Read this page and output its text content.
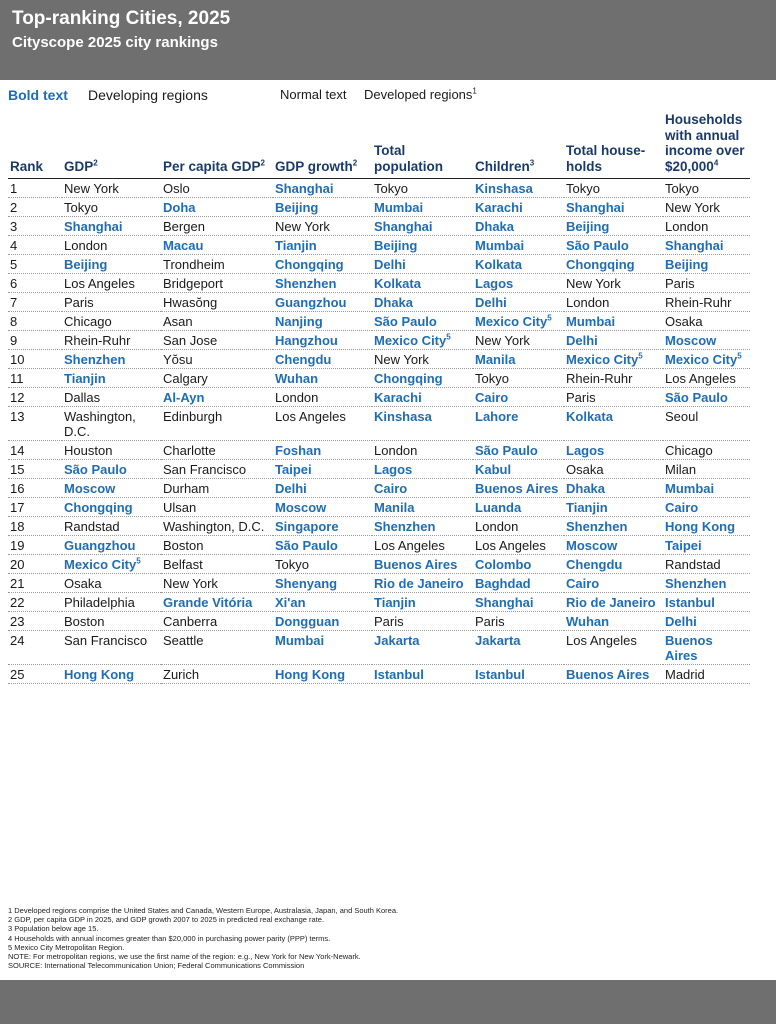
Top-ranking Cities, 2025
Cityscope 2025 city rankings
Bold text Developing regions	Normal text Developed regions$^1$
Rank	GDP$^2$	Per capita GDP$^2$	GDP growth$^2$	Total population	Children$^3$	Total house-holds	Households with annual income over $20,000$^4$
1	New York	Oslo	Shanghai	Tokyo	Kinshasa	Tokyo	Tokyo
2	Tokyo	Doha	Beijing	Mumbai	Karachi	Shanghai	New York
3	Shanghai	Bergen	New York	Shanghai	Dhaka	Beijing	London
4	London	Macau	Tianjin	Beijing	Mumbai	São Paulo	Shanghai
5	Beijing	Trondheim	Chongqing	Delhi	Kolkata	Chongqing	Beijing
6	Los Angeles	Bridgeport	Shenzhen	Kolkata	Lagos	New York	Paris
7	Paris	Hwasŏng	Guangzhou	Dhaka	Delhi	London	Rhein-Ruhr
8	Chicago	Asan	Nanjing	São Paulo	Mexico City$^5$	Mumbai	Osaka
9	Rhein-Ruhr	San Jose	Hangzhou	Mexico City$^5$	New York	Delhi	Moscow
10	Shenzhen	Yŏsu	Chengdu	New York	Manila	Mexico City$^5$	Mexico City$^5$
11	Tianjin	Calgary	Wuhan	Chongqing	Tokyo	Rhein-Ruhr	Los Angeles
12	Dallas	Al-Ayn	London	Karachi	Cairo	Paris	São Paulo
13	Washington, D.C.	Edinburgh	Los Angeles	Kinshasa	Lahore	Kolkata	Seoul
14	Houston	Charlotte	Foshan	London	São Paulo	Lagos	Chicago
15	São Paulo	San Francisco	Taipei	Lagos	Kabul	Osaka	Milan
16	Moscow	Durham	Delhi	Cairo	Buenos Aires	Dhaka	Mumbai
17	Chongqing	Ulsan	Moscow	Manila	Luanda	Tianjin	Cairo
18	Randstad	Washington, D.C.	Singapore	Shenzhen	London	Shenzhen	Hong Kong
19	Guangzhou	Boston	São Paulo	Los Angeles	Los Angeles	Moscow	Taipei
20	Mexico City$^5$	Belfast	Tokyo	Buenos Aires	Colombo	Chengdu	Randstad
21	Osaka	New York	Shenyang	Rio de Janeiro	Baghdad	Cairo	Shenzhen
22	Philadelphia	Grande Vitória	Xi'an	Tianjin	Shanghai	Rio de Janeiro	Istanbul
23	Boston	Canberra	Dongguan	Paris	Paris	Wuhan	Delhi
24	San Francisco	Seattle	Mumbai	Jakarta	Jakarta	Los Angeles	Buenos Aires
25	Hong Kong	Zurich	Hong Kong	Istanbul	Istanbul	Buenos Aires	Madrid
1 Developed regions comprise the United States and Canada, Western Europe, Australasia, Japan, and South Korea.
2 GDP, per capita GDP in 2025, and GDP growth 2007 to 2025 in predicted real exchange rate.
3 Population below age 15.
4 Households with annual incomes greater than $20,000 in purchasing power parity (PPP) terms.
5 Mexico City Metropolitan Region.
NOTE: For metropolitan regions, we use the first name of the region: e.g., New York for New York-Newark.
SOURCE: International Telecommunication Union; Federal Communications Commission
